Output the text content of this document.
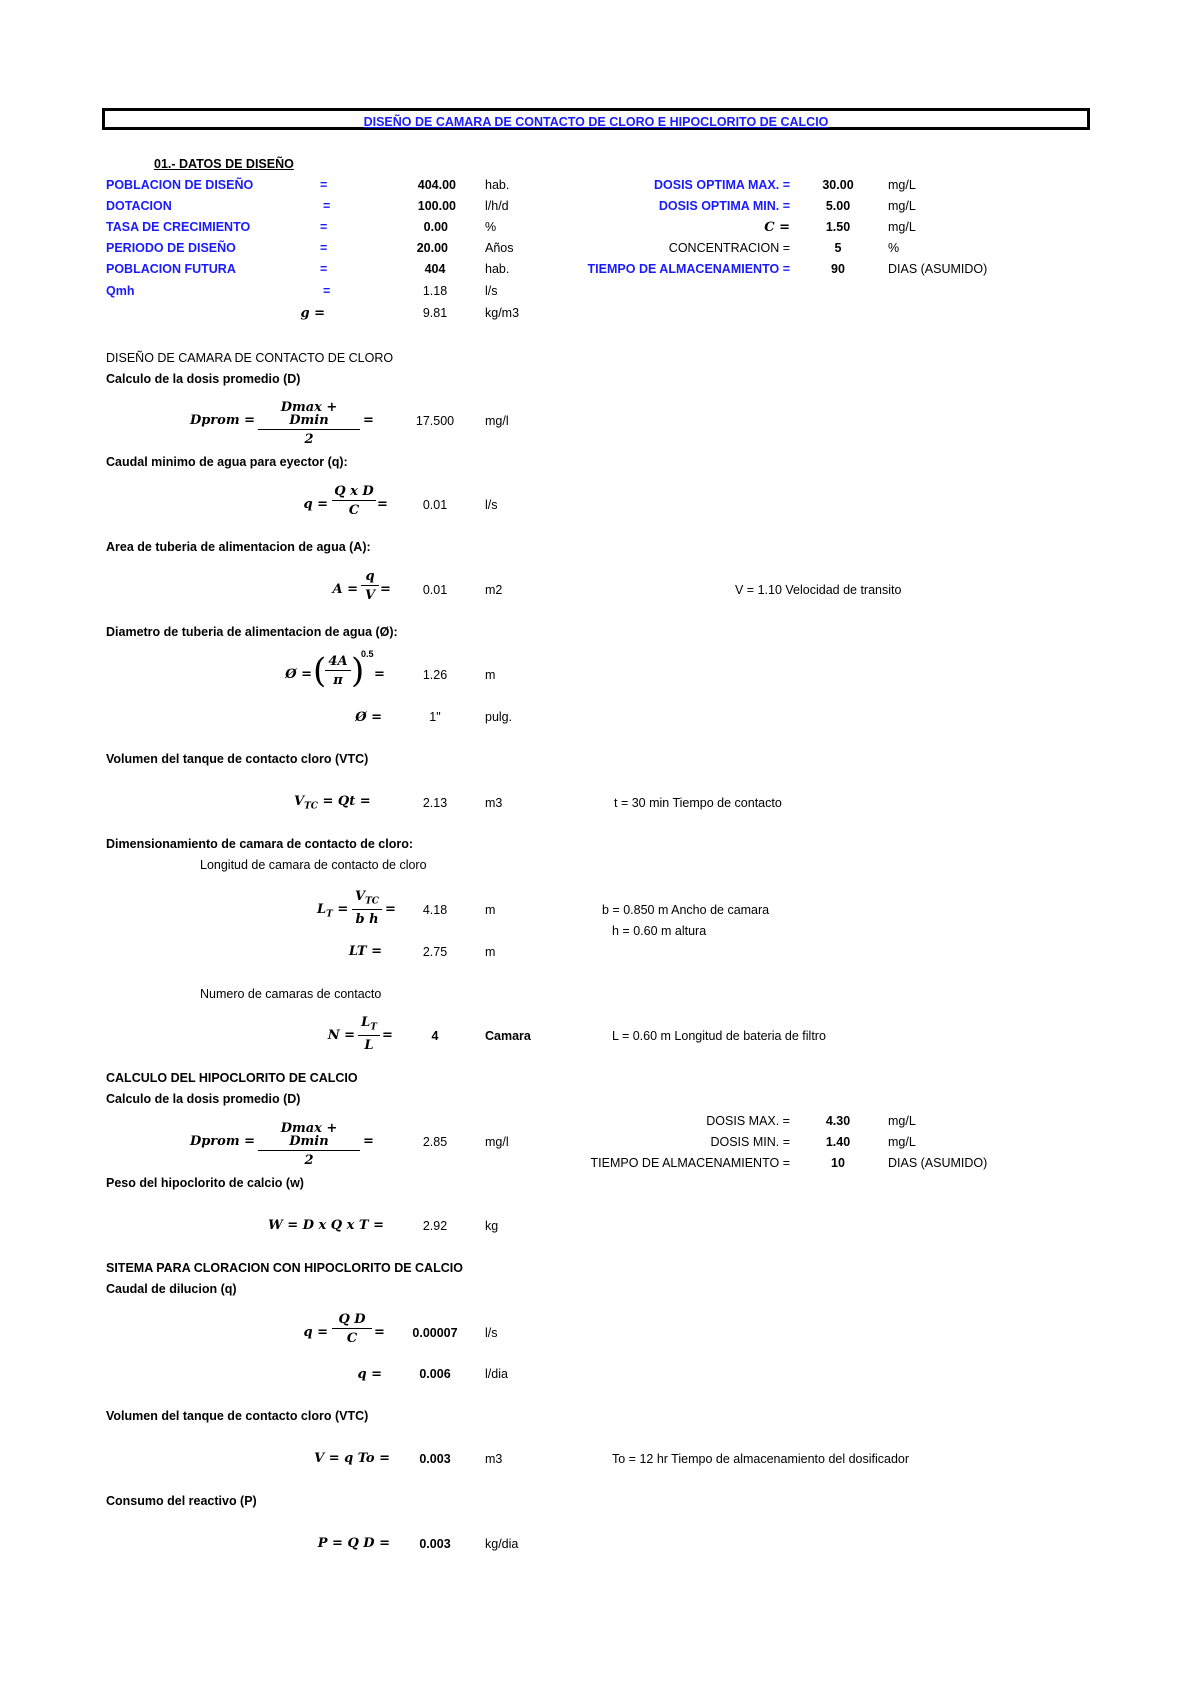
DISEÑO DE CAMARA DE CONTACTO DE CLORO E HIPOCLORITO DE CALCIO
01.- DATOS DE DISEÑO
POBLACION DE DISEÑO	=	404.00 hab.
DOTACION	=	100.00 l/h/d
TASA DE CRECIMIENTO	=	0.00	%
PERIODO DE DISEÑO	=	20.00	Años
POBLACION FUTURA	=	404	hab.
Qmh	=	1.18	l/s
g =	9.81	kg/m3
DOSIS OPTIMA MAX. =	30.00	mg/L
DOSIS OPTIMA MIN. =	5.00	mg/L
C =	1.50	mg/L
CONCENTRACION =	5	%
TIEMPO DE ALMACENAMIENTO =	90	DIAS (ASUMIDO)
DISEÑO DE CAMARA DE CONTACTO DE CLORO
Calculo de la dosis promedio (D)
Dprom =
Dmax + Dmin
2
=	17.500	mg/l
Caudal minimo de agua para eyector (q):
$q = \frac{\text{Q x D}}{C}$ =	0.01	l/s
Area de tuberia de alimentacion de agua (A):
$A = \frac{q}{V}$ =	0.01	m2	V = 1.10 Velocidad de transito
Diametro de tuberia de alimentacion de agua (Ø):
Ø = (
$\frac{4A}{\pi}$ )
0.5
=	1.26	m
Ø =	1"	pulg.
Volumen del tanque de contacto cloro (VTC)
$V_{TC} = Qt$ =	2.13	m3	t = 30 min Tiempo de contacto
Dimensionamiento de camara de contacto de cloro:
Longitud de camara de contacto de cloro
$L_T$ =
$V_{TC}$
b h
= 4.18	m	b = 0.850 m Ancho de camara
h = 0.60 m altura
LT =	2.75	m
Numero de camaras de contacto
$N = \frac{L_T}{L}$ =	4	Camara	L = 0.60 m Longitud de bateria de filtro
CALCULO DEL HIPOCLORITO DE CALCIO
Calculo de la dosis promedio (D)
DOSIS MAX. =	4.30	mg/L
DOSIS MIN. =	1.40	mg/L
TIEMPO DE ALMACENAMIENTO =	10	DIAS (ASUMIDO)
Dprom =
Dmax + Dmin
2
=	2.85	mg/l
Peso del hipoclorito de calcio (w)
W = D x Q x T =	2.92	kg
SITEMA PARA CLORACION CON HIPOCLORITO DE CALCIO
Caudal de dilucion (q)
$q = \frac{\text{Q D}}{C}$ =	0.00007	l/s
q =	0.006	l/dia
Volumen del tanque de contacto cloro (VTC)
V = q To =	0.003	m3	To = 12 hr Tiempo de almacenamiento del dosificador
Consumo del reactivo (P)
P = Q D =	0.003	kg/dia
